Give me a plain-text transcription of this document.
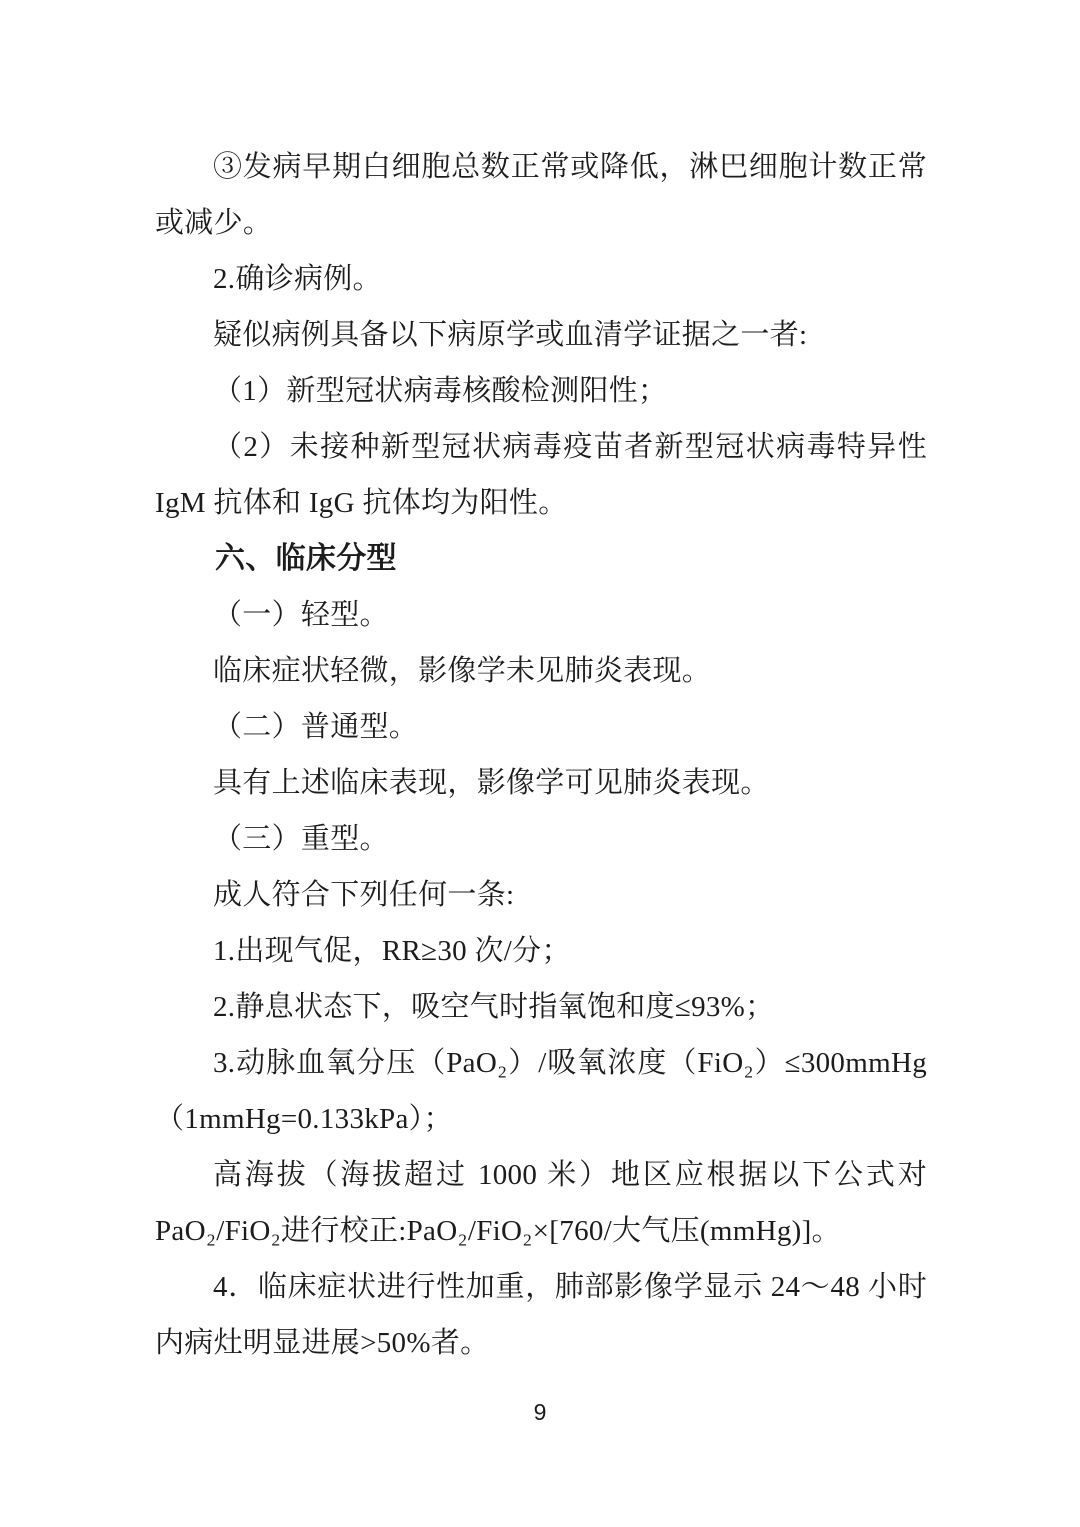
③发病早期白细胞总数正常或降低，淋巴细胞计数正常
或减少。
2.确诊病例。
疑似病例具备以下病原学或血清学证据之一者:
（1）新型冠状病毒核酸检测阳性；
（2）未接种新型冠状病毒疫苗者新型冠状病毒特异性
IgM 抗体和 IgG 抗体均为阳性。
六、临床分型
（一）轻型。
临床症状轻微，影像学未见肺炎表现。
（二）普通型。
具有上述临床表现，影像学可见肺炎表现。
（三）重型。
成人符合下列任何一条:
1.出现气促，RR≥30 次/分；
2.静息状态下，吸空气时指氧饱和度≤93%；
3.动脉血氧分压（PaO₂）/吸氧浓度（FiO₂）≤300mmHg
（1mmHg=0.133kPa）；
高海拔（海拔超过 1000 米）地区应根据以下公式对
PaO₂/FiO₂进行校正:PaO₂/FiO₂×[760/大气压(mmHg)]。
4．临床症状进行性加重，肺部影像学显示 24～48 小时
内病灶明显进展>50%者。
9
